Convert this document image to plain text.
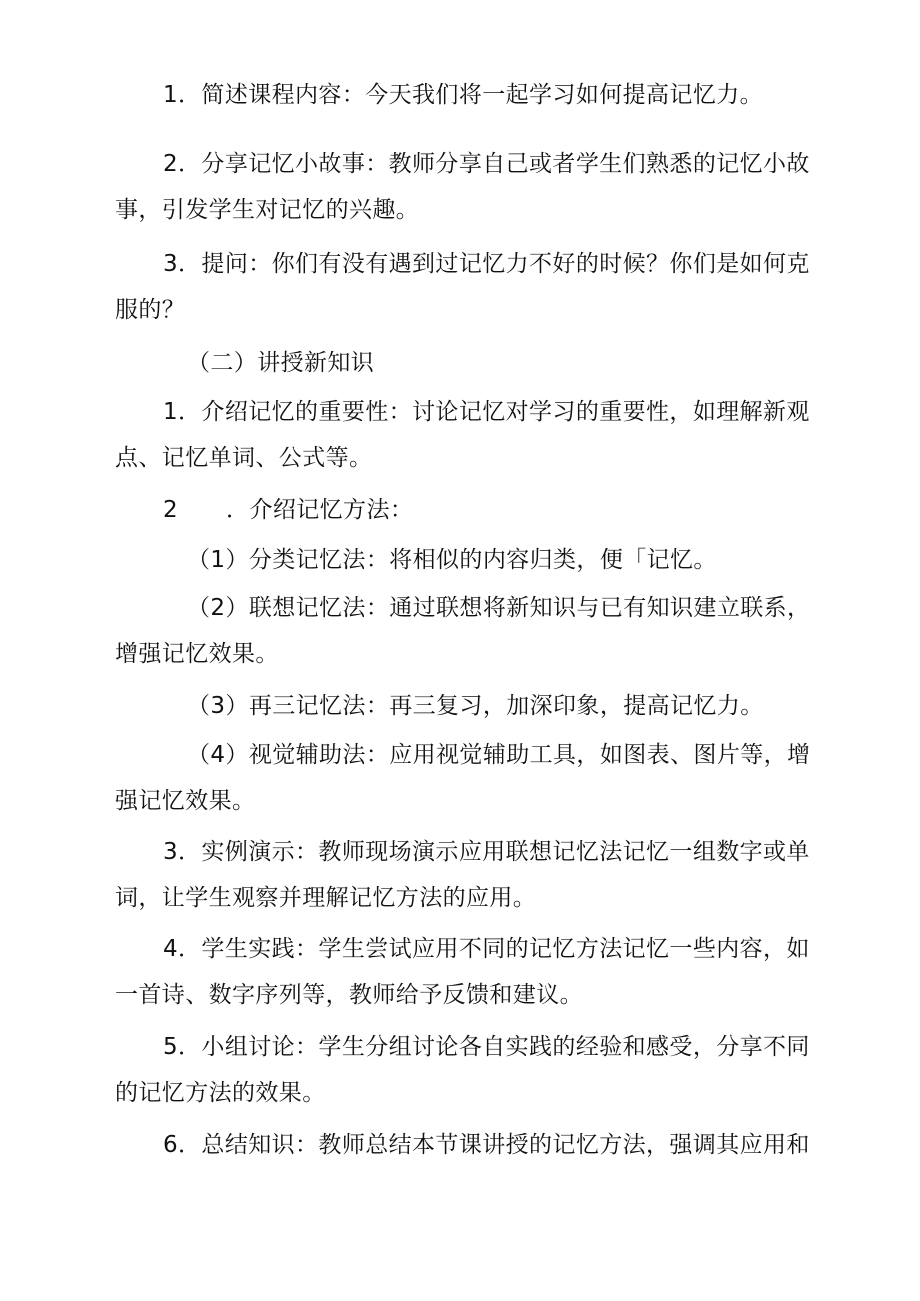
1．简述课程内容：今天我们将一起学习如何提高记忆力。
2．分享记忆小故事：教师分享自己或者学生们熟悉的记忆小故
事，引发学生对记忆的兴趣。
3．提问：你们有没有遇到过记忆力不好的时候？你们是如何克
服的？
（二）讲授新知识
1．介绍记忆的重要性：讨论记忆对学习的重要性，如理解新观
点、记忆单词、公式等。
2 ．介绍记忆方法：
（1）分类记忆法：将相似的内容归类，便「记忆。
（2）联想记忆法：通过联想将新知识与已有知识建立联系，
增强记忆效果。
（3）再三记忆法：再三复习，加深印象，提高记忆力。
（4）视觉辅助法：应用视觉辅助工具，如图表、图片等，增
强记忆效果。
3．实例演示：教师现场演示应用联想记忆法记忆一组数字或单
词，让学生观察并理解记忆方法的应用。
4．学生实践：学生尝试应用不同的记忆方法记忆一些内容，如
一首诗、数字序列等，教师给予反馈和建议。
5．小组讨论：学生分组讨论各自实践的经验和感受，分享不同
的记忆方法的效果。
6．总结知识：教师总结本节课讲授的记忆方法，强调其应用和
